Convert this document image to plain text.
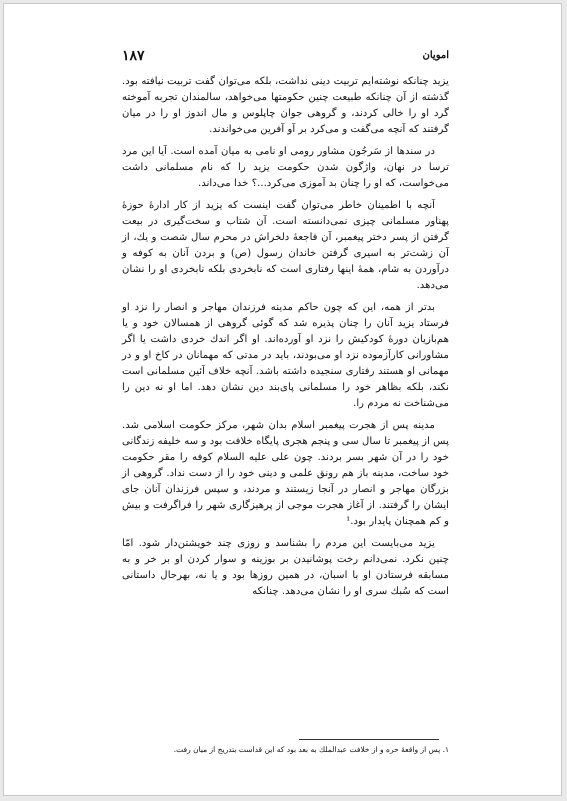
امویان
۱۸۷

یزید چنانکه نوشته‌ایم تربیت دینی نداشت، بلکه می‌توان گفت تربیت نیافته بود. گذشته از آن چنانکه طبیعت چنین حکومتها می‌خواهد، سالمندان تجربه آموخته گرد او را خالی کردند، و گروهی جوان چاپلوس و مال اندوز او را در میان گرفتند که آنچه می‌گفت و می‌کرد بر آو آفرین می‌خواندند.

در سندها از سَرجُون مشاور رومی او نامی به میان آمده است. آیا این مرد ترسا در نهان، واژگون شدن حکومت یزید را که نام مسلمانی داشت می‌خواست، که او را چنان بد آموزی می‌کرد...؟ خدا می‌داند.

آنچه با اطمینان خاطر می‌توان گفت اینست که یزید از کار ادارهٔ حوزهٔ پهناور مسلمانی چیزی نمی‌دانسته است. آن شتاب و سخت‌گیری در بیعت گرفتن از پسر دختر پیغمبر، آن فاجعهٔ دلخراش در محرم سال شصت و یك، از آن زشت‌تر به اسیری گرفتن خاندان رسول (ص) و بردن آنان به کوفه و درآوردن به شام، همهٔ اینها رفتاری است که نابخردی بلکه نابخردی او را نشان می‌دهد.

بدتر از همه، این که چون حاکم مدینه فرزندان مهاجر و انصار را نزد او فرستاد یزید آنان را چنان پذیره شد که گوئی گروهی از همسالان خود و یا هم‌بازیان دورهٔ کودکیش را نزد او آورده‌اند. او اگر اندك خردی داشت یا اگر مشاورانی کارآزموده نزد او می‌بودند، باید در مدتی که مهمانان در کاخ او و در مهمانی او هستند رفتاری سنجیده داشته باشد. آنچه خلاف آئین مسلمانی است نکند، بلکه بظاهر خود را مسلمانی پای‌بند دین نشان دهد. اما او نه دین را می‌شناخت نه مردم را.

مدینه پس از هجرت پیغمبر اسلام بدان شهر، مرکز حکومت اسلامی شد. پس از پیغمبر تا سال سی و پنجم هجری پایگاه خلافت بود و سه خلیفه زندگانی خود را در آن شهر بسر بردند. چون علی علیه السلام کوفه را مقر حکومت خود ساخت، مدینه باز هم رونق علمی و دینی خود را از دست نداد. گروهی از بزرگان مهاجر و انصار در آنجا زیستند و مردند، و سپس فرزندان آنان جای ایشان را گرفتند. از آغاز هجرت موجی از پرهیزگاری شهر را فراگرفت و بیش و کم همچنان پایدار بود.¹

یزید می‌بایست این مردم را بشناسد و روزی چند خویشتن‌دار شود. امّا چنین نکرد. نمی‌دانم رخت پوشانیدن بر بوزینه و سوار کردن او بر خر و به مسابقه فرستادن او با اسبان، در همین روزها بود و یا نه، بهرحال داستانی است که سُبك سری او را نشان می‌دهد. چنانکه

۱. پس از واقعهٔ حره و از خلافت عبدالملك به بعد بود که این قداست بتدریج از میان رفت.
